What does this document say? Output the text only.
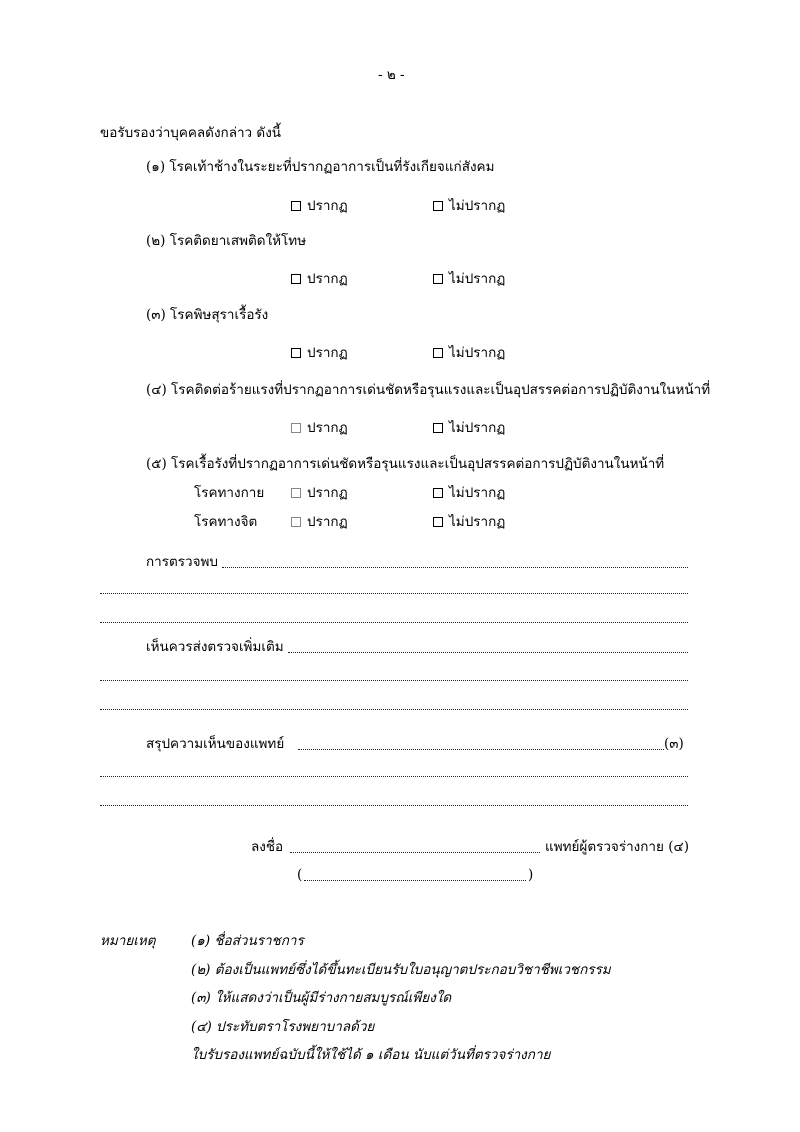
- ๒ -
ขอรับรองว่าบุคคลดังกล่าว ดังนี้
(๑) โรคเท้าช้างในระยะที่ปรากฏอาการเป็นที่รังเกียจแก่สังคม
ปรากฏ	ไม่ปรากฏ
(๒) โรคติดยาเสพติดให้โทษ
ปรากฏ	ไม่ปรากฏ
(๓) โรคพิษสุราเรื้อรัง
ปรากฏ	ไม่ปรากฏ
(๔) โรคติดต่อร้ายแรงที่ปรากฏอาการเด่นชัดหรือรุนแรงและเป็นอุปสรรคต่อการปฏิบัติงานในหน้าที่
ปรากฏ	ไม่ปรากฏ
(๕) โรคเรื้อรังที่ปรากฏอาการเด่นชัดหรือรุนแรงและเป็นอุปสรรคต่อการปฏิบัติงานในหน้าที่
โรคทางกาย	ปรากฏ	ไม่ปรากฏ
โรคทางจิต	ปรากฏ	ไม่ปรากฏ
การตรวจพบ
เห็นควรส่งตรวจเพิ่มเติม
สรุปความเห็นของแพทย์	(๓)
ลงชื่อ	แพทย์ผู้ตรวจร่างกาย (๔)
(	)
หมายเหตุ	(๑) ชื่อส่วนราชการ
(๒) ต้องเป็นแพทย์ซึ่งได้ขึ้นทะเบียนรับใบอนุญาตประกอบวิชาชีพเวชกรรม
(๓) ให้แสดงว่าเป็นผู้มีร่างกายสมบูรณ์เพียงใด
(๔) ประทับตราโรงพยาบาลด้วย
ใบรับรองแพทย์ฉบับนี้ให้ใช้ได้ ๑ เดือน นับแต่วันที่ตรวจร่างกาย
